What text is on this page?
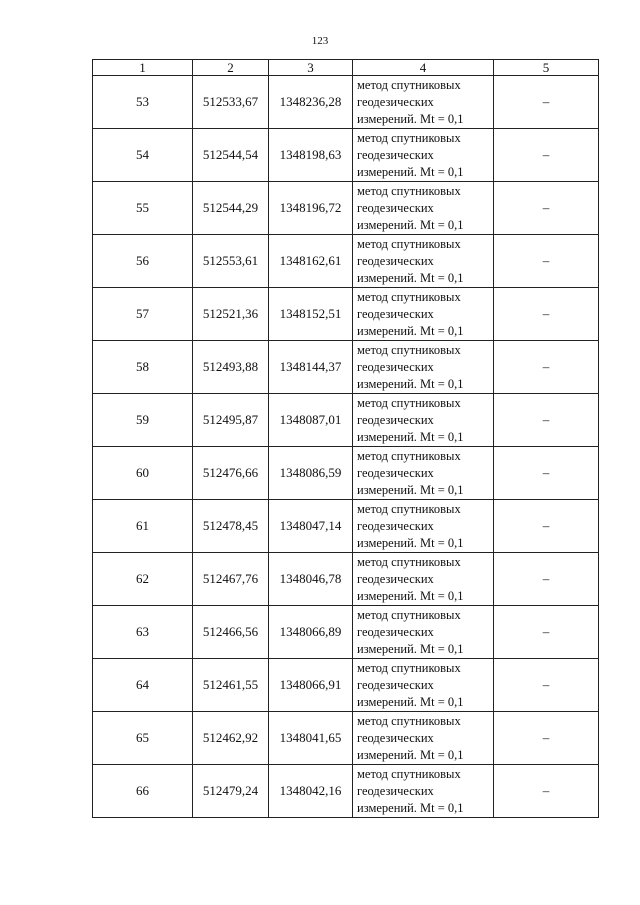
123
1	2	3	4	5
53	512533,67	1348236,28	метод спутниковых
геодезических
измерений. Mt = 0,1	–
54	512544,54	1348198,63	метод спутниковых
геодезических
измерений. Mt = 0,1	–
55	512544,29	1348196,72	метод спутниковых
геодезических
измерений. Mt = 0,1	–
56	512553,61	1348162,61	метод спутниковых
геодезических
измерений. Mt = 0,1	–
57	512521,36	1348152,51	метод спутниковых
геодезических
измерений. Mt = 0,1	–
58	512493,88	1348144,37	метод спутниковых
геодезических
измерений. Mt = 0,1	–
59	512495,87	1348087,01	метод спутниковых
геодезических
измерений. Mt = 0,1	–
60	512476,66	1348086,59	метод спутниковых
геодезических
измерений. Mt = 0,1	–
61	512478,45	1348047,14	метод спутниковых
геодезических
измерений. Mt = 0,1	–
62	512467,76	1348046,78	метод спутниковых
геодезических
измерений. Mt = 0,1	–
63	512466,56	1348066,89	метод спутниковых
геодезических
измерений. Mt = 0,1	–
64	512461,55	1348066,91	метод спутниковых
геодезических
измерений. Mt = 0,1	–
65	512462,92	1348041,65	метод спутниковых
геодезических
измерений. Mt = 0,1	–
66	512479,24	1348042,16	метод спутниковых
геодезических
измерений. Mt = 0,1	–
